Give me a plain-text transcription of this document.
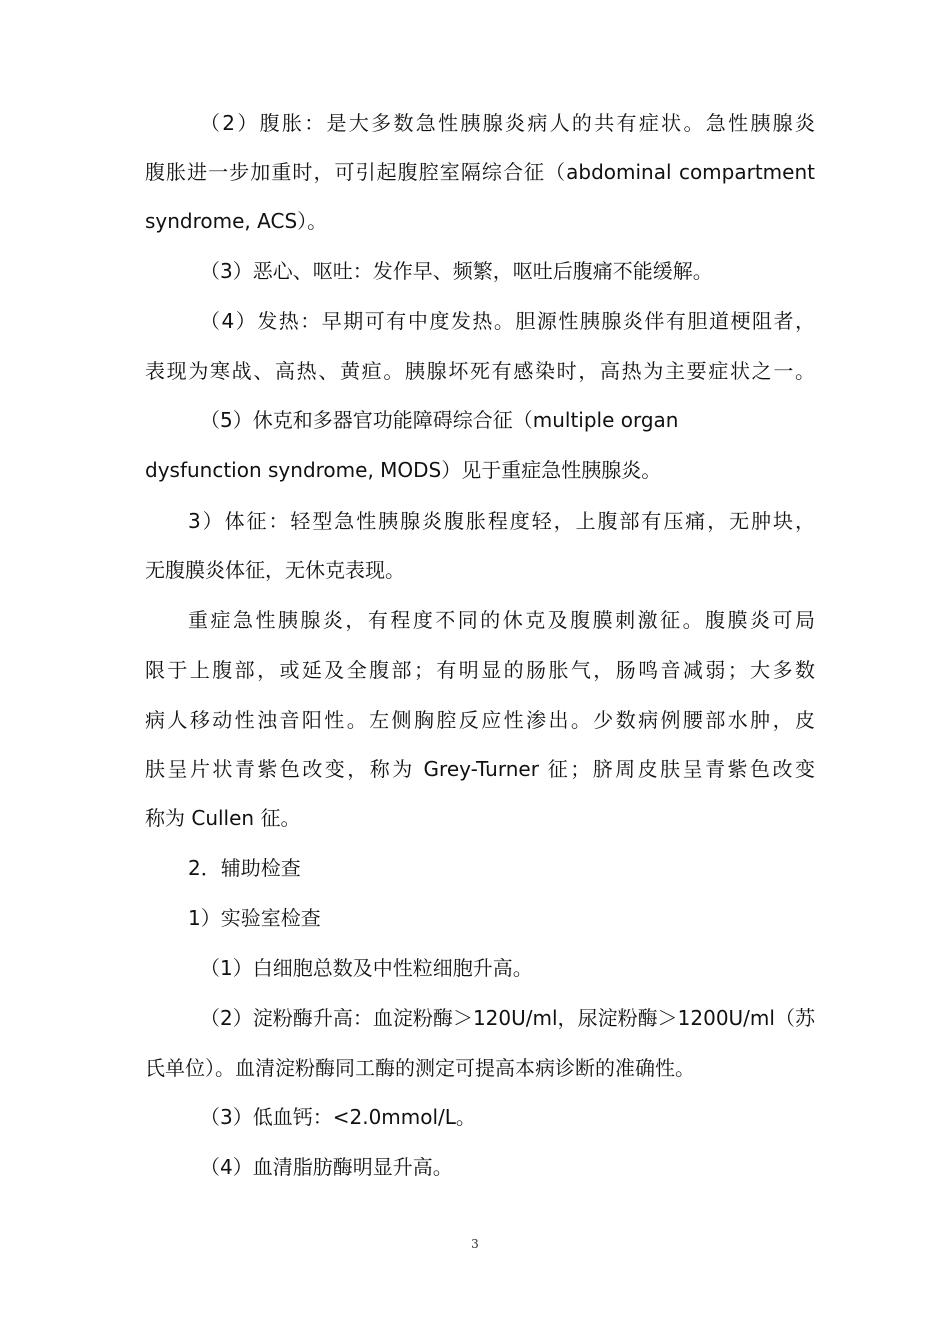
（2）腹胀：是大多数急性胰腺炎病人的共有症状。急性胰腺炎
腹胀进一步加重时，可引起腹腔室隔综合征（abdominal compartment
syndrome, ACS）。
（3）恶心、呕吐：发作早、频繁，呕吐后腹痛不能缓解。
（4）发热：早期可有中度发热。胆源性胰腺炎伴有胆道梗阻者，
表现为寒战、高热、黄疸。胰腺坏死有感染时，高热为主要症状之一。
（5）休克和多器官功能障碍综合征（multiple organ
dysfunction syndrome, MODS）见于重症急性胰腺炎。
3）体征：轻型急性胰腺炎腹胀程度轻，上腹部有压痛，无肿块，
无腹膜炎体征，无休克表现。
重症急性胰腺炎，有程度不同的休克及腹膜刺激征。腹膜炎可局
限于上腹部，或延及全腹部；有明显的肠胀气，肠鸣音减弱；大多数
病人移动性浊音阳性。左侧胸腔反应性渗出。少数病例腰部水肿，皮
肤呈片状青紫色改变，称为 Grey-Turner 征；脐周皮肤呈青紫色改变
称为 Cullen 征。
2．辅助检查
1）实验室检查
（1）白细胞总数及中性粒细胞升高。
（2）淀粉酶升高：血淀粉酶＞120U/ml，尿淀粉酶＞1200U/ml（苏
氏单位）。血清淀粉酶同工酶的测定可提高本病诊断的准确性。
（3）低血钙：<2.0mmol/L。
（4）血清脂肪酶明显升高。
3
